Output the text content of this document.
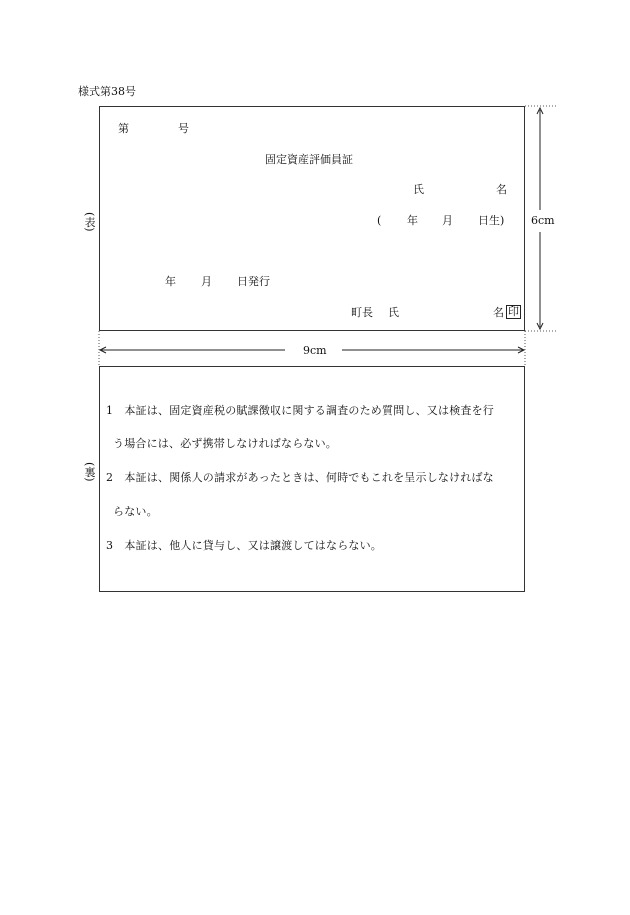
様式第38号
(表)
(裏)
第	号
固定資産評価員証
氏	名
( 年 月 日生)
年 月 日発行
町長 氏	名 印
6cm
9cm
1　本証は、固定資産税の賦課徴収に関する調査のため質問し、又は検査を行
う場合には、必ず携帯しなければならない。
2　本証は、関係人の請求があったときは、何時でもこれを呈示しなければな
らない。
3　本証は、他人に貸与し、又は譲渡してはならない。
